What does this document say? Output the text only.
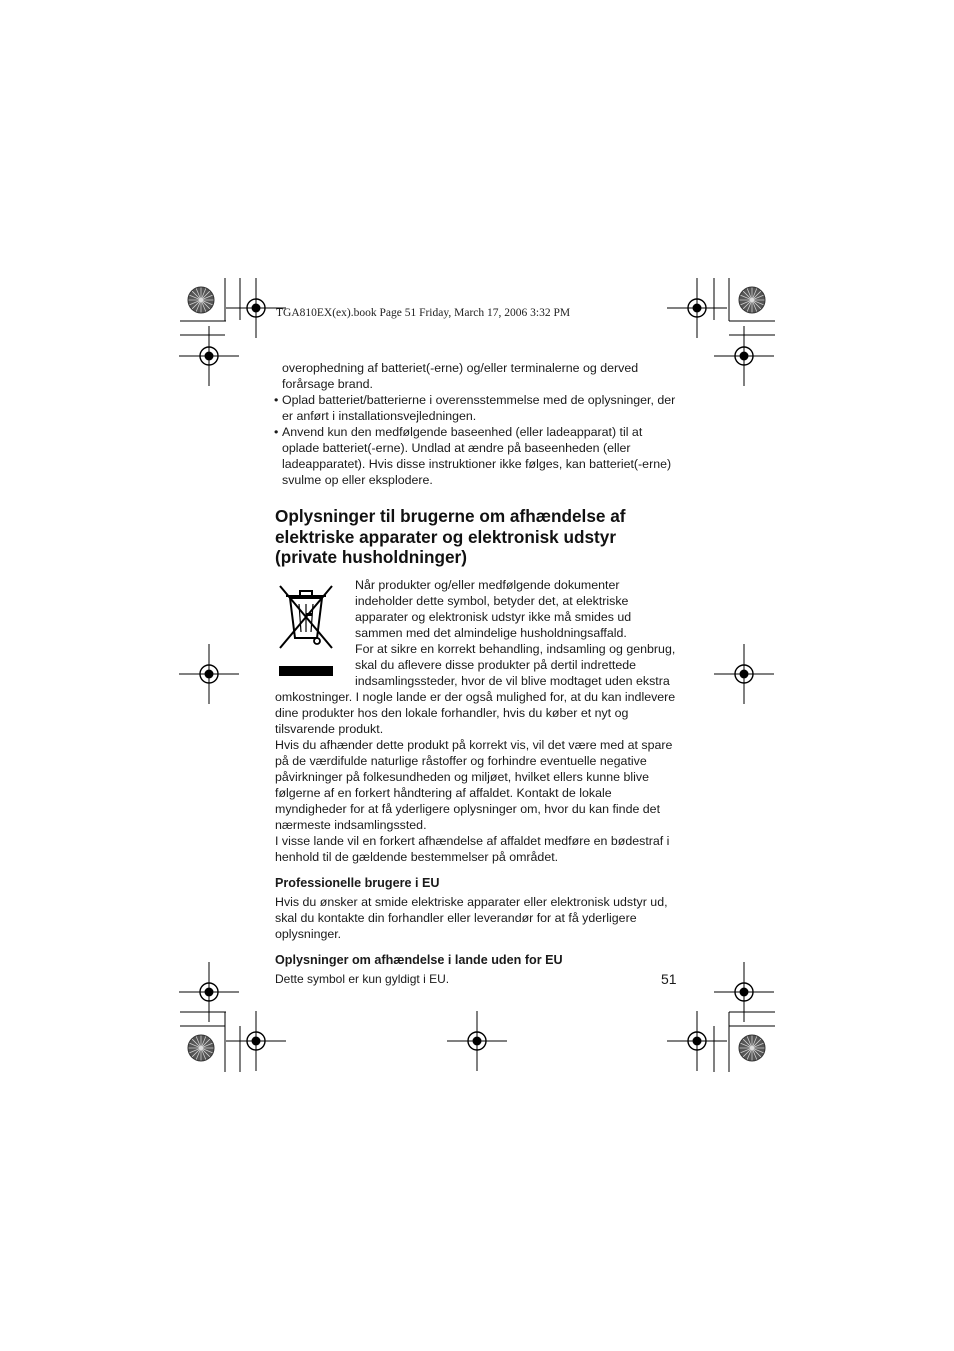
TGA810EX(ex).book Page 51 Friday, March 17, 2006 3:32 PM

overophedning af batteriet(-erne) og/eller terminalerne og derved
forårsage brand.

• Oplad batteriet/batterierne i overensstemmelse med de oplysninger, der er anført i installationsvejledningen.

• Anvend kun den medfølgende baseenhed (eller ladeapparat) til at oplade batteriet(-erne). Undlad at ændre på baseenheden (eller ladeapparatet). Hvis disse instruktioner ikke følges, kan batteriet(-erne) svulme op eller eksplodere.

Oplysninger til brugerne om afhændelse af elektriske apparater og elektronisk udstyr (private husholdninger)

Når produkter og/eller medfølgende dokumenter indeholder dette symbol, betyder det, at elektriske apparater og elektronisk udstyr ikke må smides ud sammen med det almindelige husholdningsaffald.

For at sikre en korrekt behandling, indsamling og genbrug, skal du aflevere disse produkter på dertil indrettede indsamlingssteder, hvor de vil blive modtaget uden ekstra omkostninger. I nogle lande er der også mulighed for, at du kan indlevere dine produkter hos den lokale forhandler, hvis du køber et nyt og tilsvarende produkt.

Hvis du afhænder dette produkt på korrekt vis, vil det være med at spare på de værdifulde naturlige råstoffer og forhindre eventuelle negative påvirkninger på folkesundheden og miljøet, hvilket ellers kunne blive følgerne af en forkert håndtering af affaldet. Kontakt de lokale myndigheder for at få yderligere oplysninger om, hvor du kan finde det nærmeste indsamlingssted.

I visse lande vil en forkert afhændelse af affaldet medføre en bødestraf i henhold til de gældende bestemmelser på området.

Professionelle brugere i EU

Hvis du ønsker at smide elektriske apparater eller elektronisk udstyr ud, skal du kontakte din forhandler eller leverandør for at få yderligere oplysninger.

Oplysninger om afhændelse i lande uden for EU

Dette symbol er kun gyldigt i EU.	51
